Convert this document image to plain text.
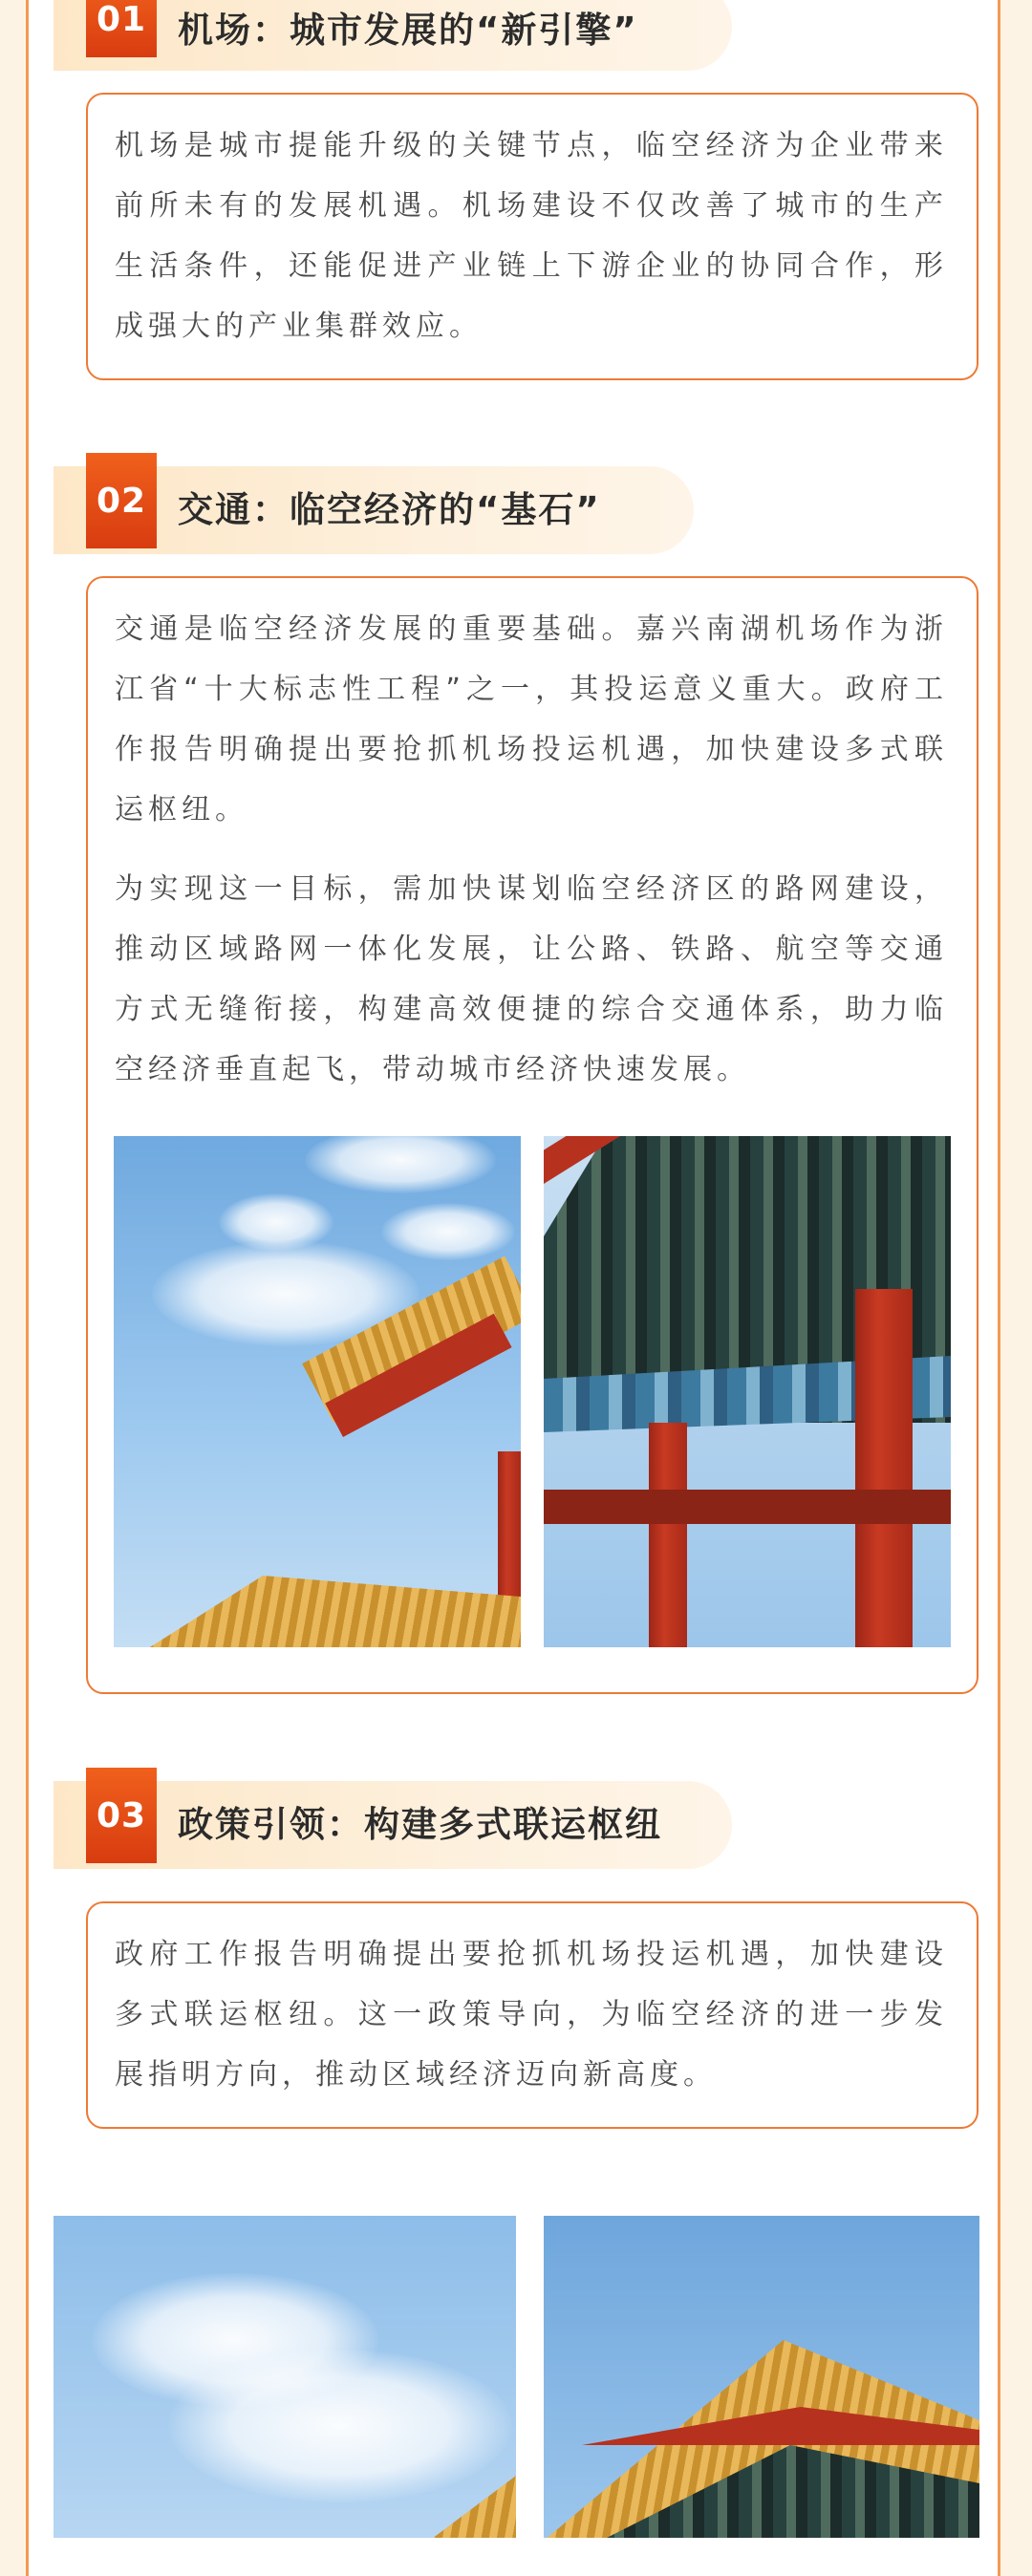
01 机场：城市发展的“新引擎”

机场是城市提能升级的关键节点，临空经济为企业带来前所未有的发展机遇。机场建设不仅改善了城市的生产生活条件，还能促进产业链上下游企业的协同合作，形成强大的产业集群效应。

02 交通：临空经济的“基石”

交通是临空经济发展的重要基础。嘉兴南湖机场作为浙江省“十大标志性工程”之一，其投运意义重大。政府工作报告明确提出要抢抓机场投运机遇，加快建设多式联运枢纽。

为实现这一目标，需加快谋划临空经济区的路网建设，推动区域路网一体化发展，让公路、铁路、航空等交通方式无缝衔接，构建高效便捷的综合交通体系，助力临空经济垂直起飞，带动城市经济快速发展。

03 政策引领：构建多式联运枢纽

政府工作报告明确提出要抢抓机场投运机遇，加快建设多式联运枢纽。这一政策导向，为临空经济的进一步发展指明方向，推动区域经济迈向新高度。
